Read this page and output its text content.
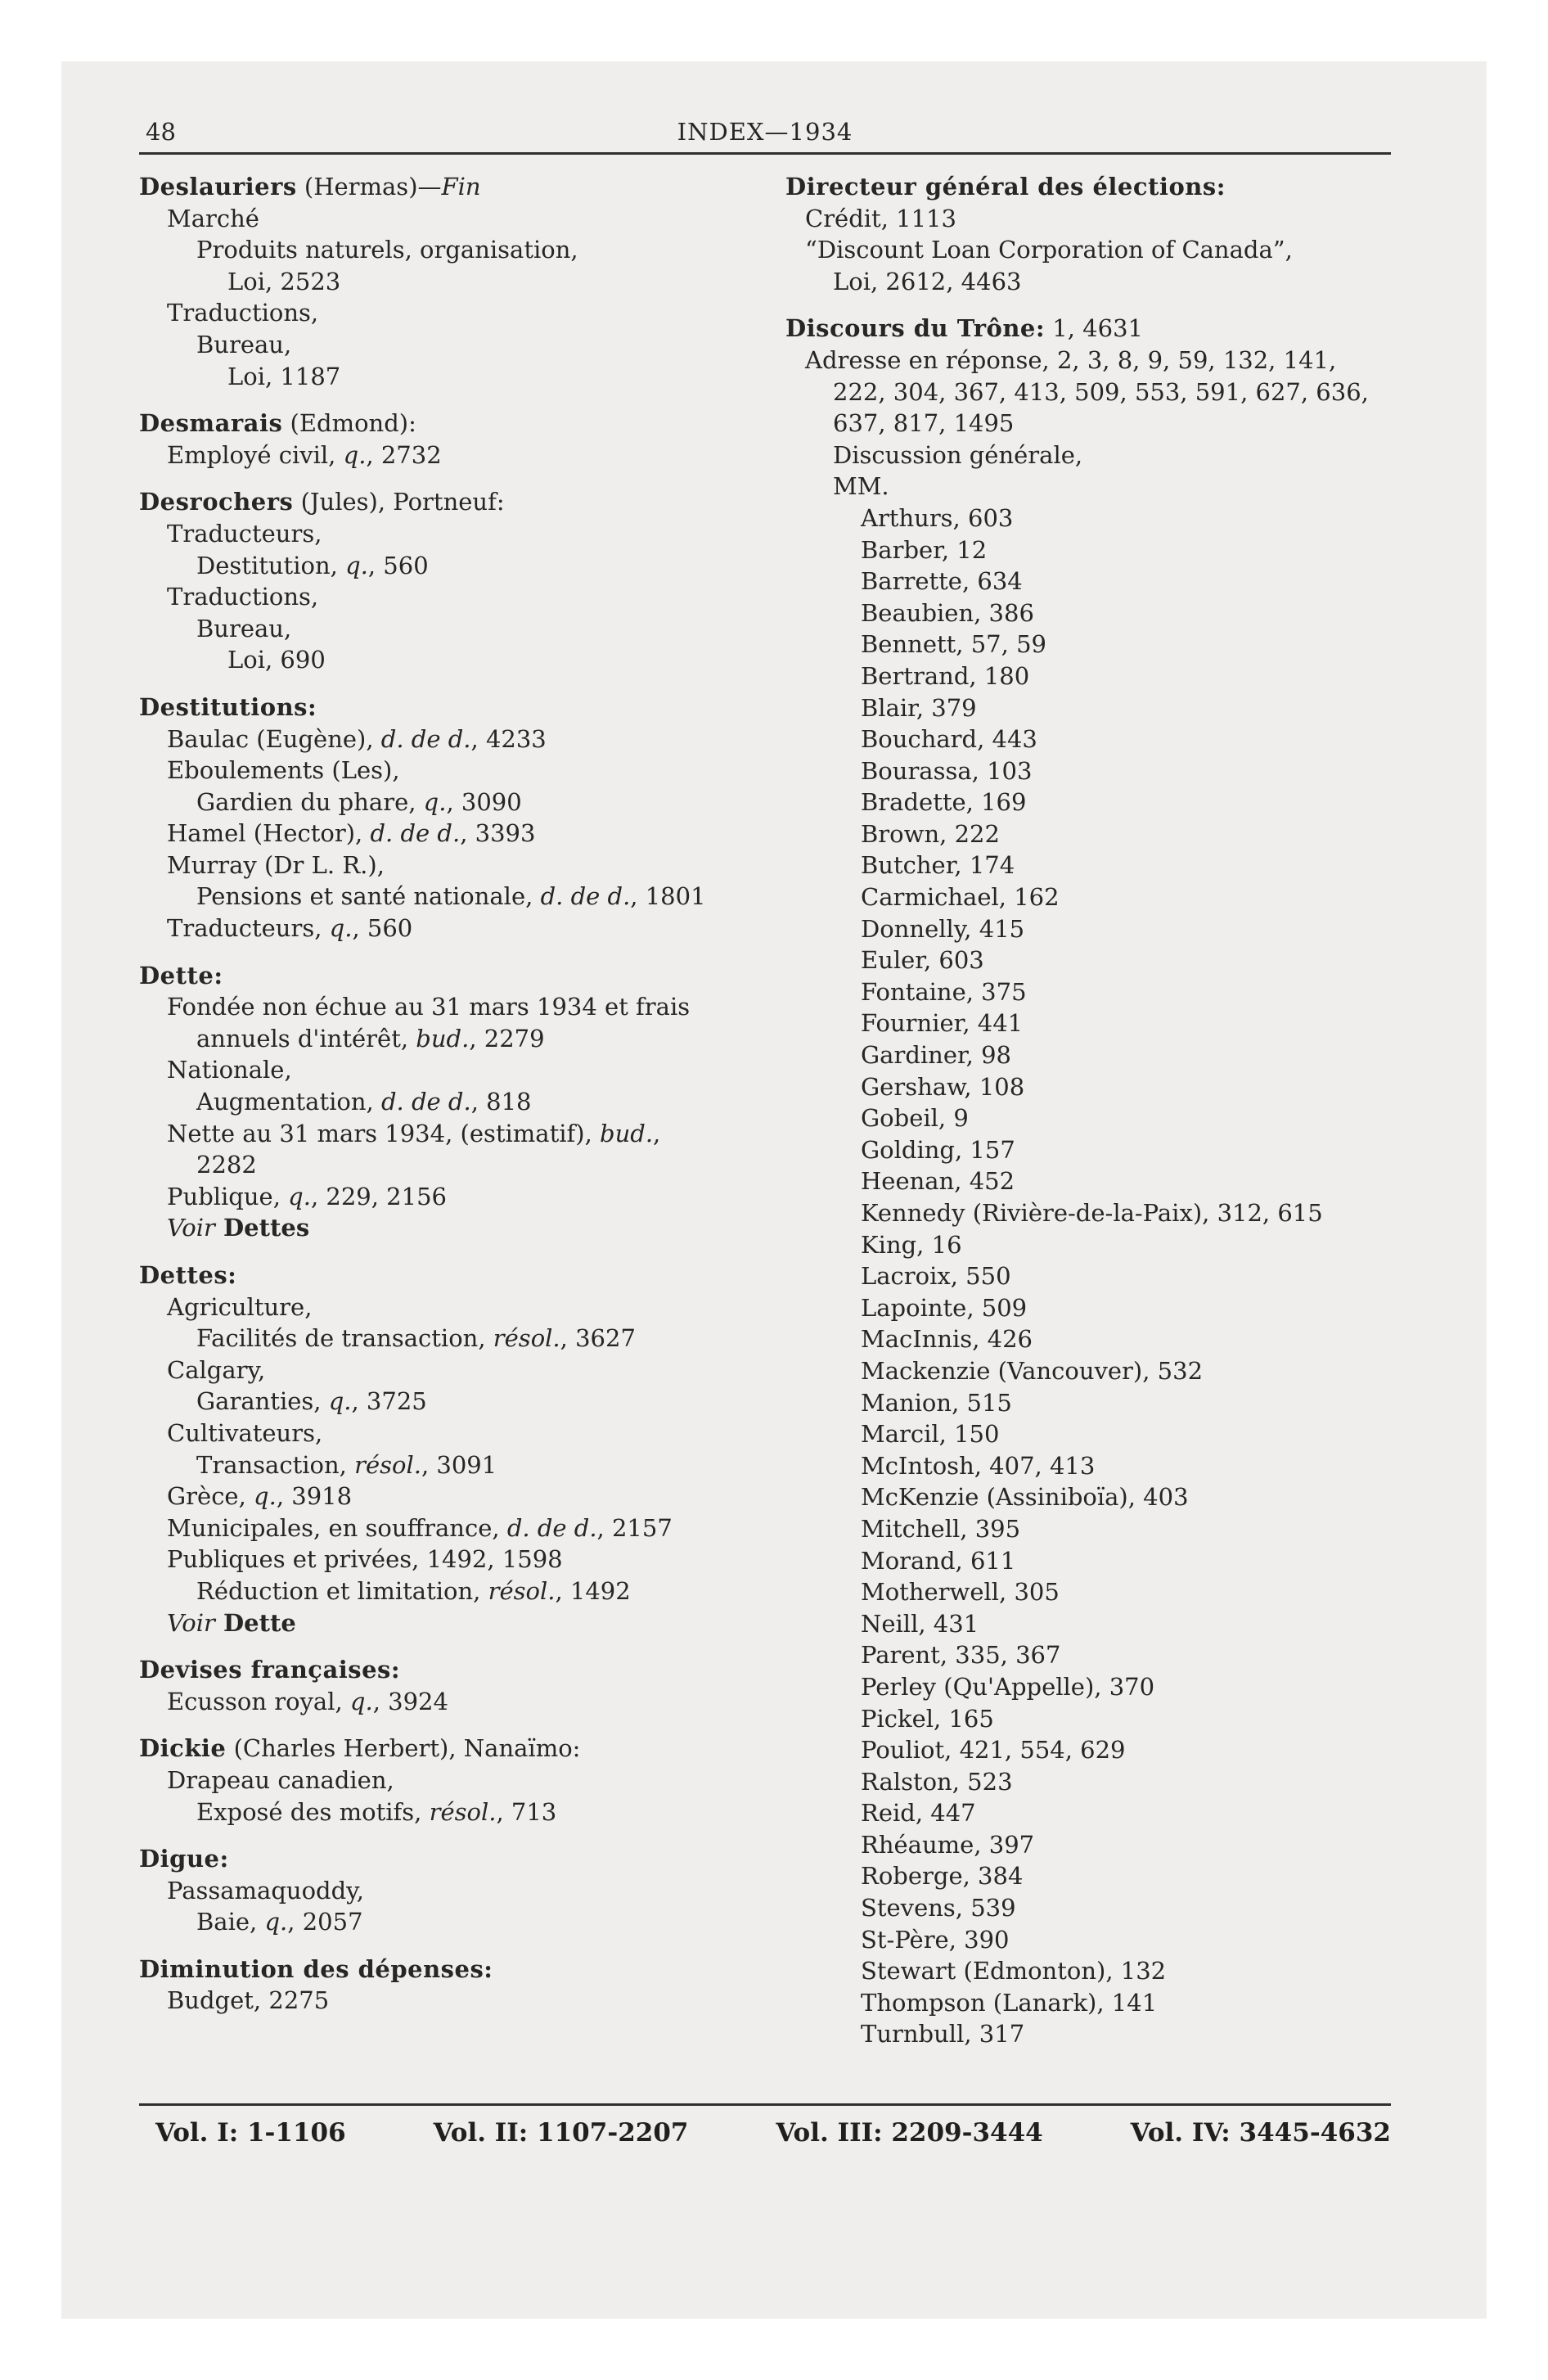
48	INDEX—1934
Deslauriers (Hermas)—Fin
Marché
Produits naturels, organisation,
Loi, 2523
Traductions,
Bureau,
Loi, 1187
Desmarais (Edmond):
Employé civil, q., 2732
Desrochers (Jules), Portneuf:
Traducteurs,
Destitution, q., 560
Traductions,
Bureau,
Loi, 690
Destitutions:
Baulac (Eugène), d. de d., 4233
Eboulements (Les),
Gardien du phare, q., 3090
Hamel (Hector), d. de d., 3393
Murray (Dr L. R.),
Pensions et santé nationale, d. de d., 1801
Traducteurs, q., 560
Dette:
Fondée non échue au 31 mars 1934 et frais
annuels d'intérêt, bud., 2279
Nationale,
Augmentation, d. de d., 818
Nette au 31 mars 1934, (estimatif), bud.,
2282
Publique, q., 229, 2156
Voir Dettes
Dettes:
Agriculture,
Facilités de transaction, résol., 3627
Calgary,
Garanties, q., 3725
Cultivateurs,
Transaction, résol., 3091
Grèce, q., 3918
Municipales, en souffrance, d. de d., 2157
Publiques et privées, 1492, 1598
Réduction et limitation, résol., 1492
Voir Dette
Devises françaises:
Ecusson royal, q., 3924
Dickie (Charles Herbert), Nanaïmo:
Drapeau canadien,
Exposé des motifs, résol., 713
Digue:
Passamaquoddy,
Baie, q., 2057
Diminution des dépenses:
Budget, 2275
Directeur général des élections:
Crédit, 1113
“Discount Loan Corporation of Canada”,
Loi, 2612, 4463
Discours du Trône: 1, 4631
Adresse en réponse, 2, 3, 8, 9, 59, 132, 141,
222, 304, 367, 413, 509, 553, 591, 627, 636,
637, 817, 1495
Discussion générale,
MM.
Arthurs, 603
Barber, 12
Barrette, 634
Beaubien, 386
Bennett, 57, 59
Bertrand, 180
Blair, 379
Bouchard, 443
Bourassa, 103
Bradette, 169
Brown, 222
Butcher, 174
Carmichael, 162
Donnelly, 415
Euler, 603
Fontaine, 375
Fournier, 441
Gardiner, 98
Gershaw, 108
Gobeil, 9
Golding, 157
Heenan, 452
Kennedy (Rivière-de-la-Paix), 312, 615
King, 16
Lacroix, 550
Lapointe, 509
MacInnis, 426
Mackenzie (Vancouver), 532
Manion, 515
Marcil, 150
McIntosh, 407, 413
McKenzie (Assiniboïa), 403
Mitchell, 395
Morand, 611
Motherwell, 305
Neill, 431
Parent, 335, 367
Perley (Qu'Appelle), 370
Pickel, 165
Pouliot, 421, 554, 629
Ralston, 523
Reid, 447
Rhéaume, 397
Roberge, 384
Stevens, 539
St-Père, 390
Stewart (Edmonton), 132
Thompson (Lanark), 141
Turnbull, 317
Vol. I: 1-1106	Vol. II: 1107-2207	Vol. III: 2209-3444	Vol. IV: 3445-4632
